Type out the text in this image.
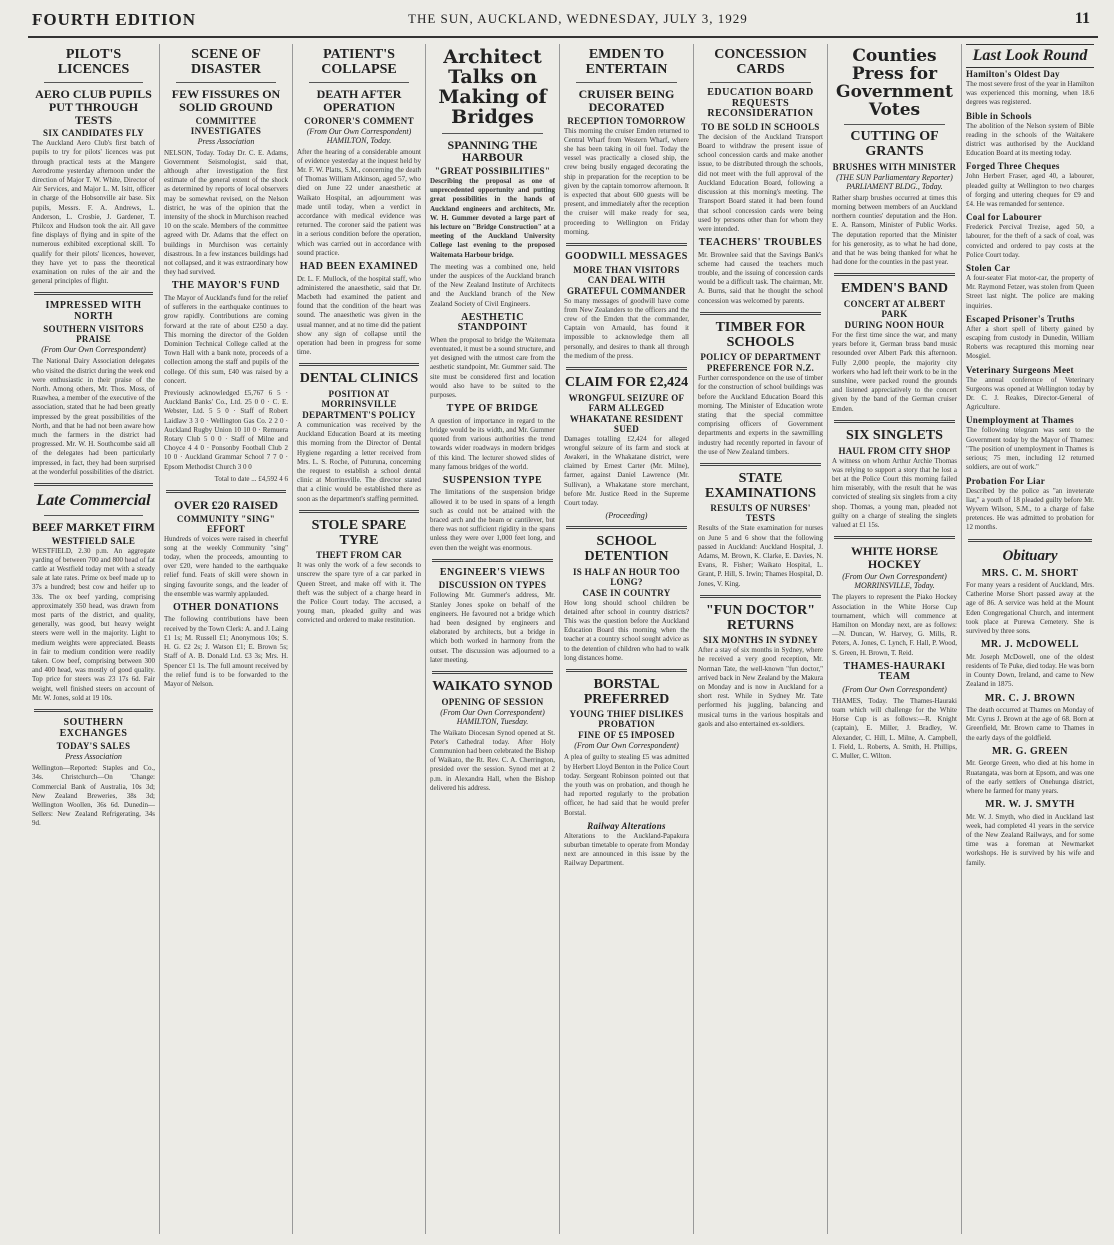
FOURTH EDITION	THE SUN, AUCKLAND, WEDNESDAY, JULY 3, 1929	11
PILOT'S LICENCES
AERO CLUB PUPILS PUT THROUGH TESTS
SIX CANDIDATES FLY

The Auckland Aero Club's first batch of pupils to try for pilots' licences was put through practical tests at the Mangere Aerodrome yesterday afternoon under the direction of Major T. W. White, Director of Air Services, and Major L. M. Isitt, officer in charge of the Hobsonville air base. Six pupils, Messrs. F. A. Andrews, L. Anderson, L. Crosbie, J. Gardener, T. Philcox and Hudson took the air. All gave fine displays of flying and in spite of the numerous exhibited exceptional skill. To qualify for their pilots' licences, however, they have yet to pass the theoretical examination on rules of the air and the general principles of flight.

IMPRESSED WITH NORTH
SOUTHERN VISITORS PRAISE
(From Our Own Correspondent)

The National Dairy Association delegates who visited the district during the week end were enthusiastic in their praise of the North. Among others, Mr. Thos. Moss, of Ruawhea, a member of the executive of the association, stated that he had been greatly impressed by the great possibilities of the North, and that he had not been aware how much the farmers in the district had progressed. Mr. W. H. Southcombe said all of the delegates had been particularly impressed, in fact, they had been surprised at the wonderful possibilities of the district.

Late Commercial
BEEF MARKET FIRM
WESTFIELD SALE

WESTFIELD, 2.30 p.m. An aggregate yarding of between 700 and 800 head of fat cattle at Westfield today met with a steady sale at late rates. Prime ox beef made up to 37s a hundred; best cow and heifer up to 33s. The ox beef yarding, comprising approximately 350 head, was drawn from most parts of the district, and quality, generally, was good, but heavy weight steers were well in the majority. Light to medium weights were appreciated. Beasts in fair to medium condition were readily taken. Cow beef, comprising between 300 and 400 head, was mostly of good quality. Top price for steers was 23 17s 6d. Fair weight, well finished steers on account of Mr. W. Jones, sold at 19 10s.

SOUTHERN EXCHANGES
TODAY'S SALES
Press Association

Wellington—Reported: Staples and Co., 34s. Christchurch—On 'Change: Commercial Bank of Australia, 10s 3d; New Zealand Breweries, 38s 3d; Wellington Woollen, 36s 6d. Dunedin—Sellers: New Zealand Refrigerating, 34s 9d.

SCENE OF DISASTER
FEW FISSURES ON SOLID GROUND
COMMITTEE INVESTIGATES
Press Association

NELSON, Today. Today Dr. C. E. Adams, Government Seismologist, said that, although after investigation the first estimate of the general extent of the shock as determined by reports of local observers may be somewhat revised, on the Nelson district, he was of the opinion that the intensity of the shock in Murchison reached 10 on the scale. Members of the committee agreed with Dr. Adams that the effect on buildings in Murchison was certainly disastrous. In a few instances buildings had not collapsed, and it was extraordinary how they had survived.

THE MAYOR'S FUND

The Mayor of Auckland's fund for the relief of sufferers in the earthquake continues to grow rapidly. Contributions are coming forward at the rate of about £250 a day. This morning the director of the Golden Dominion Technical College called at the Town Hall with a bank note, proceeds of a collection among the staff and pupils of the college. Of this sum, £40 was raised by a concert.

Previously acknowledged £5,767 6 5 · Auckland Banks' Co., Ltd. 25 0 0 · C. E. Webster, Ltd. 5 5 0 · Staff of Robert Laidlaw 3 3 0 · Wellington Gas Co. 2 2 0 · Auckland Rugby Union 10 10 0 · Remuera Rotary Club 5 0 0 · Staff of Milne and Choyce 4 4 0 · Ponsonby Football Club 2 10 0 · Auckland Grammar School 7 7 0 · Epsom Methodist Church 3 0 0

Total to date ... £4,592 4 6

OVER £20 RAISED
COMMUNITY "SING" EFFORT

Hundreds of voices were raised in cheerful song at the weekly Community "sing" today, when the proceeds, amounting to over £20, were handed to the earthquake relief fund. Feats of skill were shown in singing favourite songs, and the leader of the ensemble was warmly applauded.

OTHER DONATIONS

The following contributions have been received by the Town Clerk: A. and J. Laing £1 1s; M. Russell £1; Anonymous 10s; S. H. G. £2 2s; J. Watson £1; E. Brown 5s; Staff of A. B. Donald Ltd. £3 3s; Mrs. H. Spencer £1 1s. The full amount received by the relief fund is to be forwarded to the Mayor of Nelson.

PATIENT'S COLLAPSE
DEATH AFTER OPERATION
CORONER'S COMMENT
(From Our Own Correspondent) HAMILTON, Today.

After the hearing of a considerable amount of evidence yesterday at the inquest held by Mr. F. W. Platts, S.M., concerning the death of Thomas William Atkinson, aged 57, who died on June 22 under anaesthetic at Waikato Hospital, an adjournment was made until today, when a verdict in accordance with medical evidence was returned. The coroner said the patient was in a serious condition before the operation, which was carried out in accordance with sound practice.

HAD BEEN EXAMINED

Dr. L. F. Mullock, of the hospital staff, who administered the anaesthetic, said that Dr. Macbeth had examined the patient and found that the condition of the heart was sound. The anaesthetic was given in the usual manner, and at no time did the patient show any sign of collapse until the operation had been in progress for some time.

DENTAL CLINICS
POSITION AT MORRINSVILLE
DEPARTMENT'S POLICY

A communication was received by the Auckland Education Board at its meeting this morning from the Director of Dental Hygiene regarding a letter received from Mrs. L. S. Roche, of Puturuna, concerning the request to establish a school dental clinic at Morrinsville. The director stated that a clinic would be established there as soon as the department's staffing permitted.

STOLE SPARE TYRE
THEFT FROM CAR

It was only the work of a few seconds to unscrew the spare tyre of a car parked in Queen Street, and make off with it. The theft was the subject of a charge heard in the Police Court today. The accused, a young man, pleaded guilty and was convicted and ordered to make restitution.

Architect Talks on Making of Bridges
SPANNING THE HARBOUR
"GREAT POSSIBILITIES"

Describing the proposal as one of unprecedented opportunity and putting great possibilities in the hands of Auckland engineers and architects, Mr. W. H. Gummer devoted a large part of his lecture on "Bridge Construction" at a meeting of the Auckland University College last evening to the proposed Waitemata Harbour bridge.

The meeting was a combined one, held under the auspices of the Auckland branch of the New Zealand Institute of Architects and the Auckland branch of the New Zealand Society of Civil Engineers.

AESTHETIC STANDPOINT

When the proposal to bridge the Waitemata eventuated, it must be a sound structure, and yet designed with the utmost care from the aesthetic standpoint, Mr. Gummer said. The site must be considered first and location would also have to be suited to the purposes.

TYPE OF BRIDGE

A question of importance in regard to the bridge would be its width, and Mr. Gummer quoted from various authorities the trend towards wider roadways in modern bridges of this kind. The lecturer showed slides of many famous bridges of the world.

SUSPENSION TYPE

The limitations of the suspension bridge allowed it to be used in spans of a length such as could not be attained with the braced arch and the beam or cantilever, but there was not sufficient rigidity in the spans unless they were over 1,000 feet long, and even then the weight was enormous.

ENGINEER'S VIEWS
DISCUSSION ON TYPES

Following Mr. Gummer's address, Mr. Stanley Jones spoke on behalf of the engineers. He favoured not a bridge which had been designed by engineers and elaborated by architects, but a bridge in which both worked in harmony from the outset. The discussion was adjourned to a later meeting.

WAIKATO SYNOD
OPENING OF SESSION
(From Our Own Correspondent) HAMILTON, Tuesday.

The Waikato Diocesan Synod opened at St. Peter's Cathedral today. After Holy Communion had been celebrated the Bishop of Waikato, the Rt. Rev. C. A. Cherrington, presided over the session. Synod met at 2 p.m. in Alexandra Hall, when the Bishop delivered his address.

EMDEN TO ENTERTAIN
CRUISER BEING DECORATED
RECEPTION TOMORROW

This morning the cruiser Emden returned to Central Wharf from Western Wharf, where she has been taking in oil fuel. Today the vessel was practically a closed ship, the crew being busily engaged decorating the ship in preparation for the reception to be given by the captain tomorrow afternoon. It is expected that about 600 guests will be present, and immediately after the reception the cruiser will make ready for sea, proceeding to Wellington on Friday morning.

GOODWILL MESSAGES
MORE THAN VISITORS CAN DEAL WITH
GRATEFUL COMMANDER

So many messages of goodwill have come from New Zealanders to the officers and the crew of the Emden that the commander, Captain von Arnauld, has found it impossible to acknowledge them all personally, and desires to thank all through the medium of the press.

CLAIM FOR £2,424
WRONGFUL SEIZURE OF FARM ALLEGED
WHAKATANE RESIDENT SUED

Damages totalling £2,424 for alleged wrongful seizure of its farm and stock at Awakeri, in the Whakatane district, were claimed by Ernest Carter (Mr. Milne), farmer, against Daniel Lawrence (Mr. Sullivan), a Whakatane store merchant, before Mr. Justice Reed in the Supreme Court today.

(Proceeding)
SCHOOL DETENTION
IS HALF AN HOUR TOO LONG?
CASE IN COUNTRY

How long should school children be detained after school in country districts? This was the question before the Auckland Education Board this morning when the teacher at a country school sought advice as to the detention of children who had to walk long distances home.

BORSTAL PREFERRED
YOUNG THIEF DISLIKES PROBATION
FINE OF £5 IMPOSED
(From Our Own Correspondent)

A plea of guilty to stealing £5 was admitted by Herbert Lloyd Benton in the Police Court today. Sergeant Robinson pointed out that the youth was on probation, and though he had reported regularly to the probation officer, he had said that he would prefer Borstal.

Railway Alterations

Alterations to the Auckland-Papakura suburban timetable to operate from Monday next are announced in this issue by the Railway Department.

CONCESSION CARDS
EDUCATION BOARD REQUESTS RECONSIDERATION
TO BE SOLD IN SCHOOLS

The decision of the Auckland Transport Board to withdraw the present issue of school concession cards and make another issue, to be distributed through the schools, did not meet with the full approval of the Auckland Education Board, following a discussion at this morning's meeting. The Transport Board stated it had been found that school concession cards were being used by persons other than for whom they were intended.

TEACHERS' TROUBLES

Mr. Brownlee said that the Savings Bank's scheme had caused the teachers much trouble, and the issuing of concession cards would be a difficult task. The chairman, Mr. A. Burns, said that he thought the school concession was welcomed by parents.

TIMBER FOR SCHOOLS
POLICY OF DEPARTMENT
PREFERENCE FOR N.Z.

Further correspondence on the use of timber for the construction of school buildings was before the Auckland Education Board this morning. The Minister of Education wrote stating that the special committee comprising officers of Government departments and experts in the sawmilling industry had recently reported in favour of the use of New Zealand timbers.

STATE EXAMINATIONS
RESULTS OF NURSES' TESTS

Results of the State examination for nurses on June 5 and 6 show that the following passed in Auckland: Auckland Hospital, J. Adams, M. Brown, K. Clarke, E. Davies, N. Evans, R. Fisher; Waikato Hospital, L. Grant, P. Hill, S. Irwin; Thames Hospital, D. Jones, V. King.

"FUN DOCTOR" RETURNS
SIX MONTHS IN SYDNEY

After a stay of six months in Sydney, where he received a very good reception, Mr. Norman Tate, the well-known "fun doctor," arrived back in New Zealand by the Makura on Monday and is now in Auckland for a short rest. While in Sydney Mr. Tate performed his juggling, balancing and musical turns in the various hospitals and gaols and also entertained ex-soldiers.

Counties Press for Government Votes
CUTTING OF GRANTS
BRUSHES WITH MINISTER
(THE SUN Parliamentary Reporter) PARLIAMENT BLDG., Today.

Rather sharp brushes occurred at times this morning between members of an Auckland northern counties' deputation and the Hon. E. A. Ransom, Minister of Public Works. The deputation reported that the Minister for his generosity, as to what he had done, and that he was being thanked for what he had done for the counties in the past year.

EMDEN'S BAND
CONCERT AT ALBERT PARK
DURING NOON HOUR

For the first time since the war, and many years before it, German brass band music resounded over Albert Park this afternoon. Fully 2,000 people, the majority city workers who had left their work to be in the sunshine, were packed round the grounds and listened appreciatively to the concert given by the band of the German cruiser Emden.

SIX SINGLETS
HAUL FROM CITY SHOP

A witness on whom Arthur Archie Thomas was relying to support a story that he lost a bet at the Police Court this morning failed him miserably, with the result that he was convicted of stealing six singlets from a city shop. Thomas, a young man, pleaded not guilty on a charge of stealing the singlets valued at £1 15s.

WHITE HORSE HOCKEY
(From Our Own Correspondent) MORRINSVILLE, Today.

The players to represent the Piako Hockey Association in the White Horse Cup tournament, which will commence at Hamilton on Monday next, are as follows:—N. Duncan, W. Harvey, G. Mills, R. Peters, A. Jones, C. Lynch, F. Hall, P. Wood, S. Green, H. Brown, T. Reid.

THAMES-HAURAKI TEAM
(From Our Own Correspondent)

THAMES, Today. The Thames-Hauraki team which will challenge for the White Horse Cup is as follows:—R. Knight (captain), E. Miller, J. Bradley, W. Alexander, C. Hill, L. Milne, A. Campbell, I. Field, L. Roberts, A. Smith, H. Phillips, C. Muller, C. Wilton.

Last Look Round
Hamilton's Oldest Day

The most severe frost of the year in Hamilton was experienced this morning, when 18.6 degrees was registered.

Bible in Schools

The abolition of the Nelson system of Bible reading in the schools of the Waitakere district was authorised by the Auckland Education Board at its meeting today.

Forged Three Cheques

John Herbert Fraser, aged 40, a labourer, pleaded guilty at Wellington to two charges of forging and uttering cheques for £9 and £4. He was remanded for sentence.

Coal for Labourer

Frederick Percival Trezise, aged 50, a labourer, for the theft of a sack of coal, was convicted and ordered to pay costs at the Police Court today.

Stolen Car

A four-seater Fiat motor-car, the property of Mr. Raymond Fetzer, was stolen from Queen Street last night. The police are making inquiries.

Escaped Prisoner's Truths

After a short spell of liberty gained by escaping from custody in Dunedin, William Roberts was recaptured this morning near Mosgiel.

Veterinary Surgeons Meet

The annual conference of Veterinary Surgeons was opened at Wellington today by Dr. C. J. Reakes, Director-General of Agriculture.

Unemployment at Thames

The following telegram was sent to the Government today by the Mayor of Thames: "The position of unemployment in Thames is serious; 75 men, including 12 returned soldiers, are out of work."

Probation For Liar

Described by the police as "an inveterate liar," a youth of 18 pleaded guilty before Mr. Wyvern Wilson, S.M., to a charge of false pretences. He was admitted to probation for 12 months.

Obituary
MRS. C. M. SHORT

For many years a resident of Auckland, Mrs. Catherine Morse Short passed away at the age of 86. A service was held at the Mount Eden Congregational Church, and interment took place at Purewa Cemetery. She is survived by three sons.

MR. J. McDOWELL

Mr. Joseph McDowell, one of the oldest residents of Te Puke, died today. He was born in County Down, Ireland, and came to New Zealand in 1875.

MR. C. J. BROWN

The death occurred at Thames on Monday of Mr. Cyrus J. Brown at the age of 68. Born at Greenfield, Mr. Brown came to Thames in the early days of the goldfield.

MR. G. GREEN

Mr. George Green, who died at his home in Ruatangata, was born at Epsom, and was one of the early settlers of Onehunga district, where he farmed for many years.

MR. W. J. SMYTH

Mr. W. J. Smyth, who died in Auckland last week, had completed 41 years in the service of the New Zealand Railways, and for some time was a foreman at Newmarket workshops. He is survived by his wife and family.
